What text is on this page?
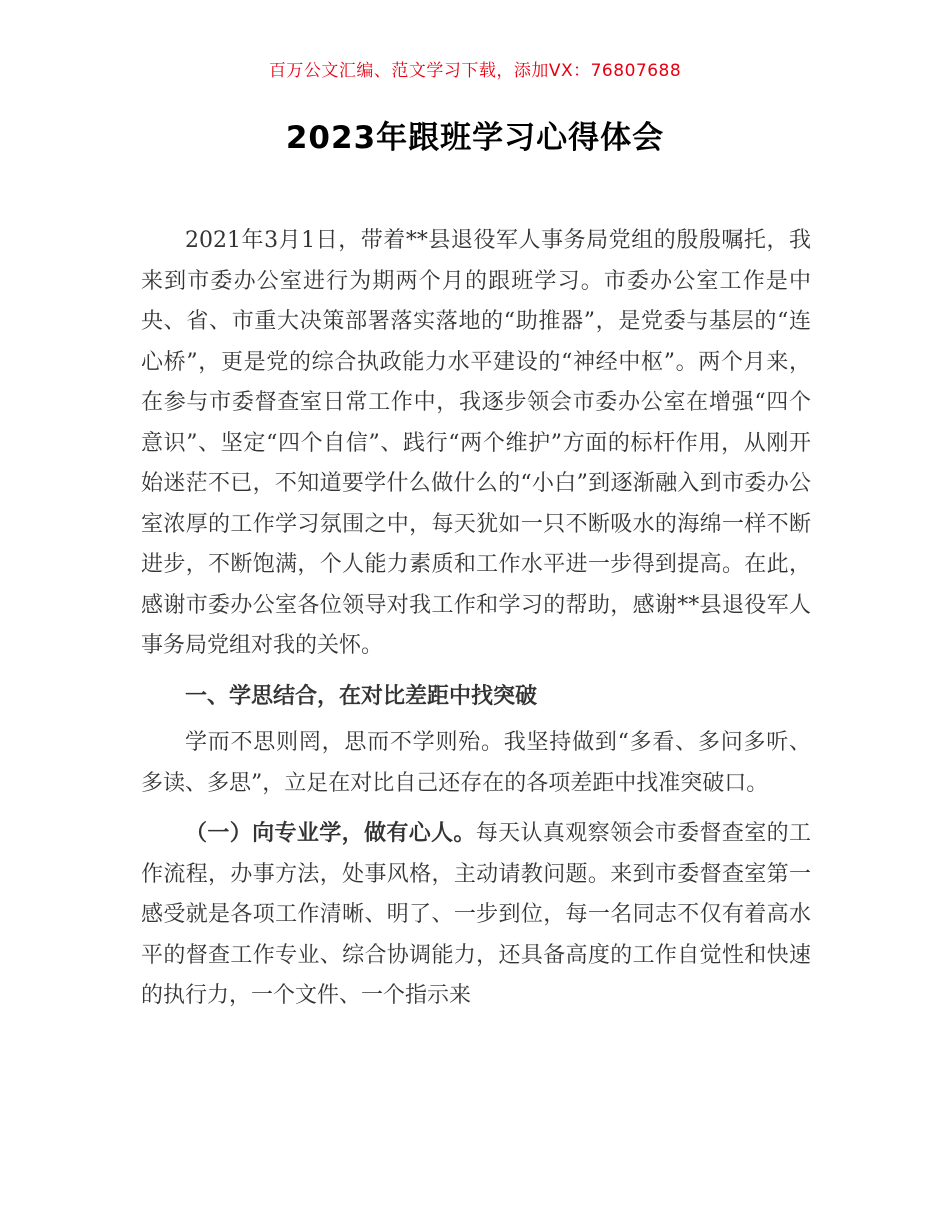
百万公文汇编、范文学习下载，添加VX：76807688
2023年跟班学习心得体会

2021年3月1日，带着**县退役军人事务局党组的殷殷嘱托，我来到市委办公室进行为期两个月的跟班学习。市委办公室工作是中央、省、市重大决策部署落实落地的“助推器”，是党委与基层的“连心桥”，更是党的综合执政能力水平建设的“神经中枢”。两个月来，在参与市委督查室日常工作中，我逐步领会市委办公室在增强“四个意识”、坚定“四个自信”、践行“两个维护”方面的标杆作用，从刚开始迷茫不已，不知道要学什么做什么的“小白”到逐渐融入到市委办公室浓厚的工作学习氛围之中，每天犹如一只不断吸水的海绵一样不断进步，不断饱满，个人能力素质和工作水平进一步得到提高。在此，感谢市委办公室各位领导对我工作和学习的帮助，感谢**县退役军人事务局党组对我的关怀。

一、学思结合，在对比差距中找突破

学而不思则罔，思而不学则殆。我坚持做到“多看、多问多听、多读、多思”，立足在对比自己还存在的各项差距中找准突破口。

（一）向专业学，做有心人。每天认真观察领会市委督查室的工作流程，办事方法，处事风格，主动请教问题。来到市委督查室第一感受就是各项工作清晰、明了、一步到位，每一名同志不仅有着高水平的督查工作专业、综合协调能力，还具备高度的工作自觉性和快速的执行力，一个文件、一个指示来
